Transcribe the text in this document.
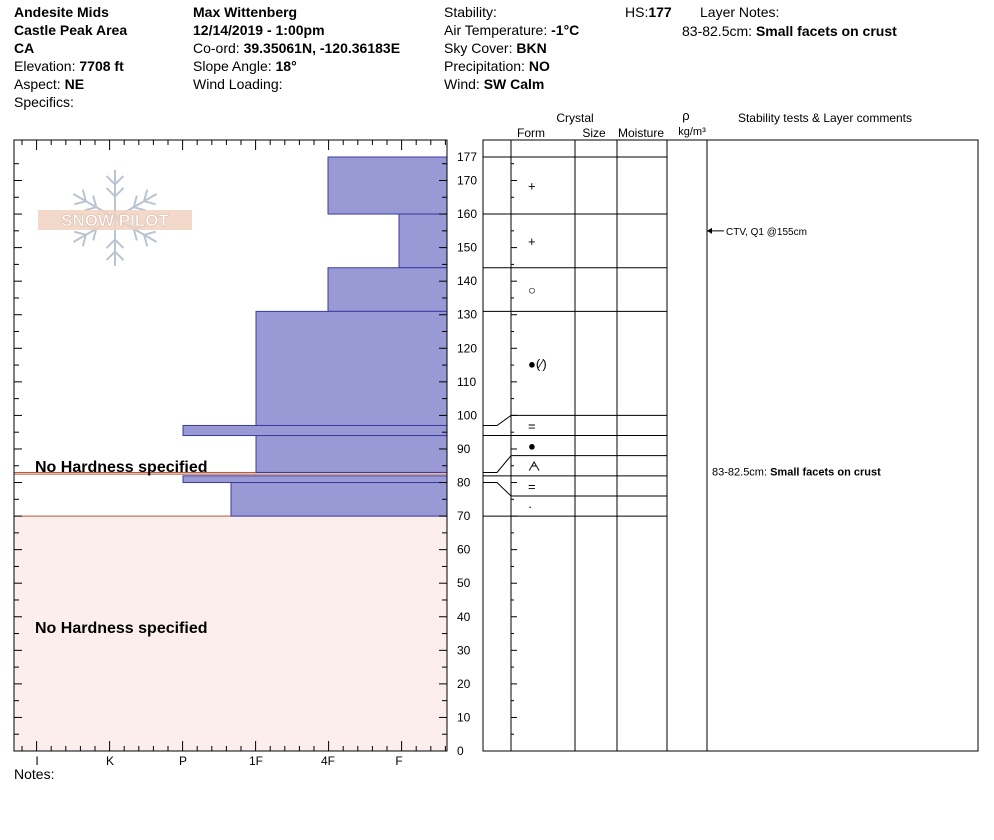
Andesite Mids
Castle Peak Area
CA
Elevation: 7708 ft
Aspect: NE
Specifics:
Max Wittenberg
12/14/2019 - 1:00pm
Co-ord: 39.35061N, -120.36183E
Slope Angle: 18°
Wind Loading:
Stability:
Air Temperature: -1°C
Sky Cover: BKN
Precipitation: NO
Wind: SW Calm
HS:177 Layer Notes:
83-82.5cm: Small facets on crust
Notes:
I	K	P	1F	4F	F
0
10
20
30
40
50
60
70
80
90
100
110
120
130
140
150
160
170
177
SNOW PILOT
No Hardness specified
No Hardness specified
Crystal
Form	Size Moisture
ρ
kg/m³
Stability tests & Layer comments
+
+
○
●(⁄)
=
●
ᗅ
=
·
CTV, Q1 @155cm
83-82.5cm: Small facets on crust
